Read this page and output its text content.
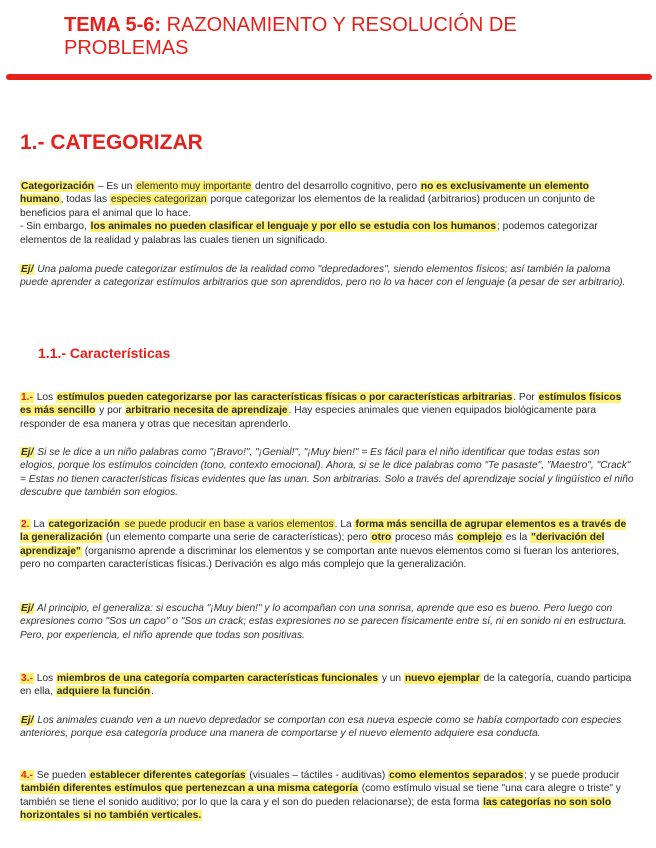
TEMA 5-6: RAZONAMIENTO Y RESOLUCIÓN DE PROBLEMAS
1.- CATEGORIZAR

Categorización – Es un elemento muy importante dentro del desarrollo cognitivo, pero no es exclusivamente un elemento humano, todas las especies categorizan porque categorizar los elementos de la realidad (arbitrarios) producen un conjunto de beneficios para el animal que lo hace.
- Sin embargo, los animales no pueden clasificar el lenguaje y por ello se estudia con los humanos; podemos categorizar elementos de la realidad y palabras las cuales tienen un significado.

Ej/ Una paloma puede categorizar estímulos de la realidad como "depredadores", siendo elementos físicos; así también la paloma puede aprender a categorizar estímulos arbitrarios que son aprendidos, pero no lo va hacer con el lenguaje (a pesar de ser arbitrario).

1.1.- Características

1.- Los estímulos pueden categorizarse por las características físicas o por características arbitrarias. Por estímulos físicos es más sencillo y por arbitrario necesita de aprendizaje. Hay especies animales que vienen equipados biológicamente para responder de esa manera y otras que necesitan aprenderlo.

Ej/ Si se le dice a un niño palabras como "¡Bravo!", "¡Genial!", "¡Muy bien!" = Es fácil para el niño identificar que todas estas son elogios, porque los estímulos coinciden (tono, contexto emocional). Ahora, si se le dice palabras como "Te pasaste", "Maestro", "Crack" = Estas no tienen características físicas evidentes que las unan. Son arbitrarias. Solo a través del aprendizaje social y lingüístico el niño descubre que también son elogios.

2. La categorización se puede producir en base a varios elementos. La forma más sencilla de agrupar elementos es a través de la generalización (un elemento comparte una serie de características); pero otro proceso más complejo es la "derivación del aprendizaje" (organismo aprende a discriminar los elementos y se comportan ante nuevos elementos como si fueran los anteriores, pero no comparten características físicas.) Derivación es algo más complejo que la generalización.

Ej/ Al principio, el generaliza: si escucha "¡Muy bien!" y lo acompañan con una sonrisa, aprende que eso es bueno. Pero luego con expresiones como "Sos un capo" o "Sos un crack; estas expresiones no se parecen físicamente entre sí, ni en sonido ni en estructura. Pero, por experiencia, el niño aprende que todas son positivas.

3.- Los miembros de una categoría comparten características funcionales y un nuevo ejemplar de la categoría, cuando participa en ella, adquiere la función.

Ej/ Los animales cuando ven a un nuevo depredador se comportan con esa nueva especie como se había comportado con especies anteriores, porque esa categoría produce una manera de comportarse y el nuevo elemento adquiere esa conducta.

4.- Se pueden establecer diferentes categorías (visuales – táctiles - auditivas) como elementos separados; y se puede producir también diferentes estímulos que pertenezcan a una misma categoría (como estímulo visual se tiene "una cara alegre o triste" y también se tiene el sonido auditivo; por lo que la cara y el son do pueden relacionarse); de esta forma las categorías no son solo horizontales si no también verticales.
